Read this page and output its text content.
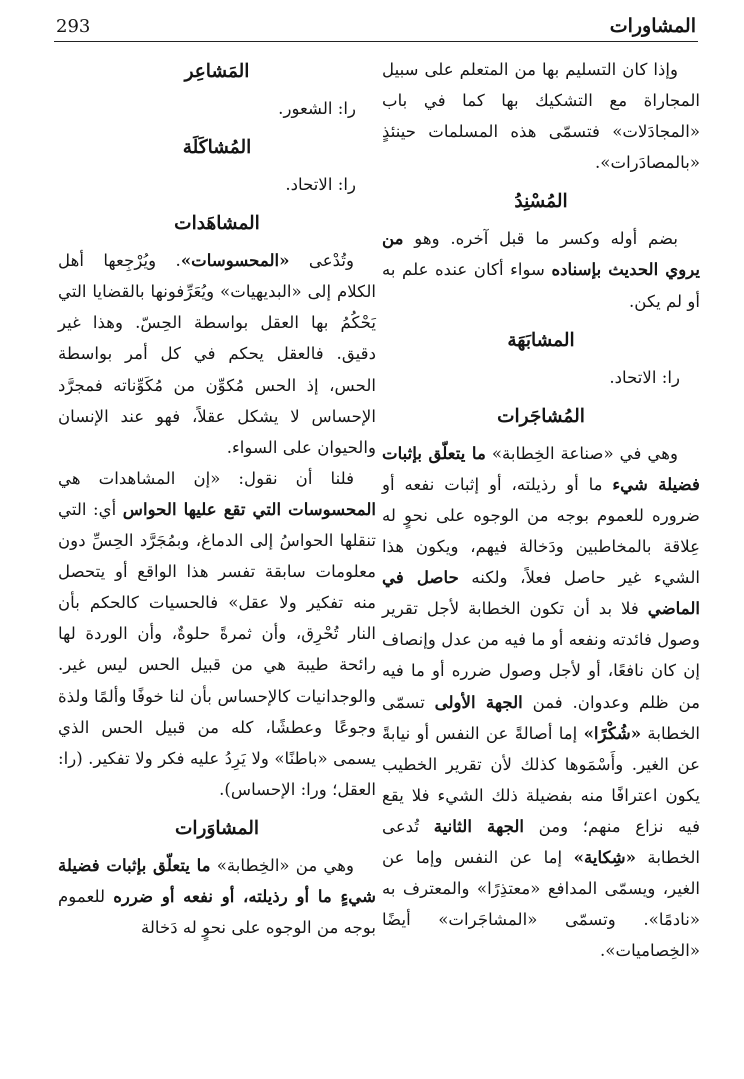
المشاورات
293

وإذا كان التسليم بها من المتعلم على سبيل المجاراة مع التشكيك بها كما في باب «المجادَلات» فتسمّى هذه المسلمات حينئذٍ «بالمصادَرات».

المُسْنِدُ

بضم أوله وكسر ما قبل آخره. وهو من يروي الحديث بإسناده سواء أكان عنده علم به أو لم يكن.

المشابَهَة

را: الاتحاد.

المُشاجَرات

وهي في «صناعة الخِطابة» ما يتعلّق بإثبات فضيلة شيء ما أو رذيلته، أو إثبات نفعه أو ضروره للعموم بوجه من الوجوه على نحوٍ له عِلاقة بالمخاطبين ودَخالة فيهم، ويكون هذا الشيء غير حاصل فعلاً، ولكنه حاصل في الماضي فلا بد أن تكون الخطابة لأجل تقرير وصول فائدته ونفعه أو ما فيه من عدل وإنصاف إن كان نافعًا، أو لأجل وصول ضرره أو ما فيه من ظلم وعدوان. فمن الجهة الأولى تسمّى الخطابة «شُكْرًا» إما أصالةً عن النفس أو نيابةً عن الغير. وأَسْمَوها كذلك لأن تقرير الخطيب يكون اعترافًا منه بفضيلة ذلك الشيء فلا يقع فيه نزاع منهم؛ ومن الجهة الثانية تُدعى الخطابة «شِكاية» إما عن النفس وإما عن الغير، ويسمّى المدافع «معتذِرًا» والمعترف به «نادمًا». وتسمّى «المشاجَرات» أيضًا «الخِصاميات».

المَشاعِر

را: الشعور.

المُشاكَلَة

را: الاتحاد.

المشاهَدات

وتُدْعى «المحسوسات». ويُرْجِعها أهل الكلام إلى «البديهيات» ويُعَرِّفونها بالقضايا التي يَحْكُمُ بها العقل بواسطة الحِسّ. وهذا غير دقيق. فالعقل يحكم في كل أمر بواسطة الحس، إذ الحس مُكوِّن من مُكَوِّناته فمجرَّد الإحساس لا يشكل عقلاً، فهو عند الإنسان والحيوان على السواء.

فلنا أن نقول: «إن المشاهدات هي المحسوسات التي تقع عليها الحواس أي: التي تنقلها الحواسُ إلى الدماغ، وبمُجَرَّد الحِسِّ دون معلومات سابقة تفسر هذا الواقع أو يتحصل منه تفكير ولا عقل» فالحسيات كالحكم بأن النار تُحْرِق، وأن ثمرةً حلوةٌ، وأن الوردة لها رائحة طيبة هي من قبيل الحس ليس غير. والوجدانيات كالإحساس بأن لنا خوفًا وألمًا ولذة وجوعًا وعطشًا، كله من قبيل الحس الذي يسمى «باطنًا» ولا يَرِدُ عليه فكر ولا تفكير. (را: العقل؛ ورا: الإحساس).

المشاوَرات

وهي من «الخِطابة» ما يتعلّق بإثبات فضيلة شيءٍ ما أو رذيلته، أو نفعه أو ضرره للعموم بوجه من الوجوه على نحوٍ له دَخالة
